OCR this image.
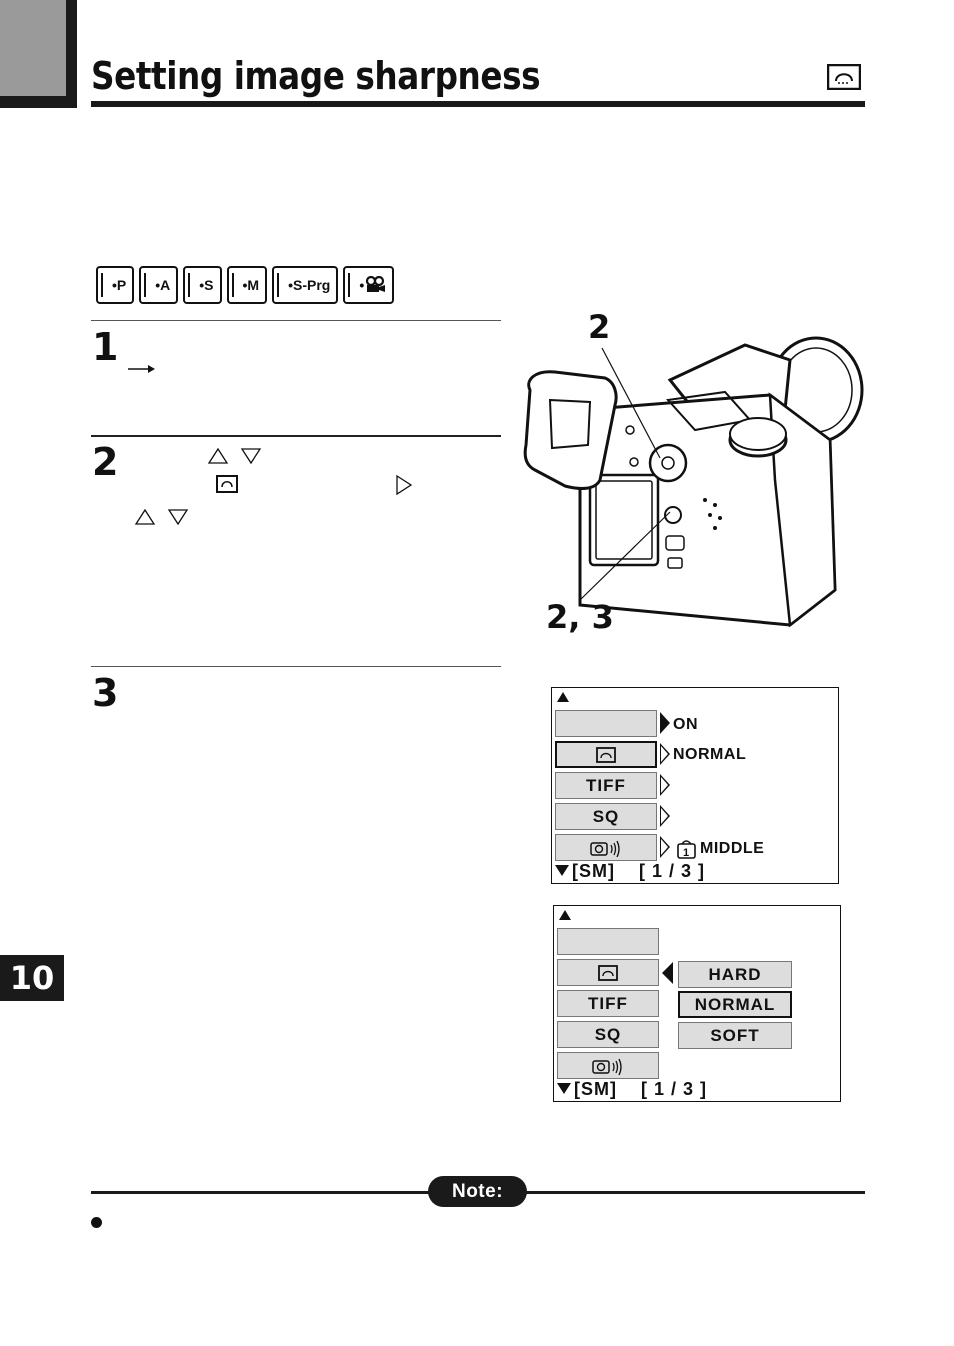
Setting image sharpness
•P	•A	•S	•M	•S-Prg	•
1
2
3
2
2, 3
TIFF
SQ
ON
NORMAL
1 MIDDLE
[SM] [ 1 / 3 ]
TIFF
SQ
HARD
NORMAL
SOFT
[SM] [ 1 / 3 ]
10
Note:
